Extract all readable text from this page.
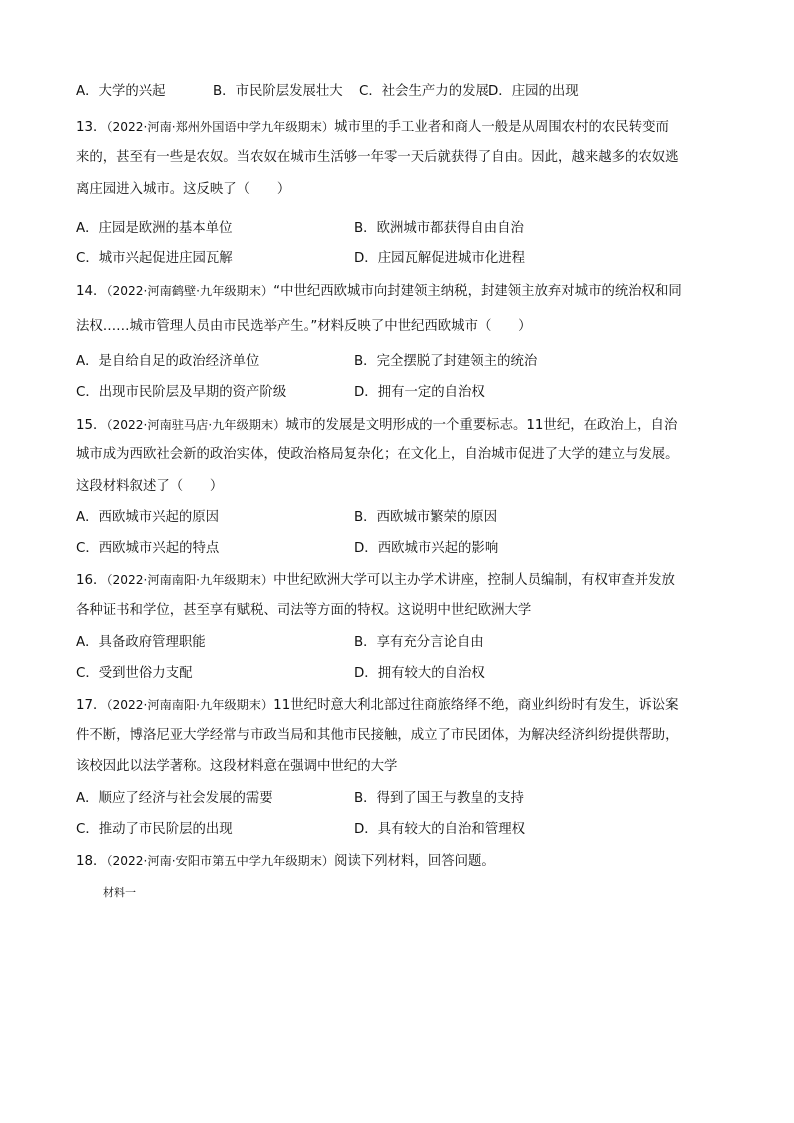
A．大学的兴起	B．市民阶层发展壮大 C．社会生产力的发展 D．庄园的出现
13．（2022·河南·郑州外国语中学九年级期末）城市里的手工业者和商人一般是从周围农村的农民转变而
来的，甚至有一些是农奴。当农奴在城市生活够一年零一天后就获得了自由。因此，越来越多的农奴逃
离庄园进入城市。这反映了（　　）
A．庄园是欧洲的基本单位	B．欧洲城市都获得自由自治
C．城市兴起促进庄园瓦解	D．庄园瓦解促进城市化进程
14．（2022·河南鹤壁·九年级期末）“中世纪西欧城市向封建领主纳税，封建领主放弃对城市的统治权和同
法权……城市管理人员由市民选举产生。”材料反映了中世纪西欧城市（　　）
A．是自给自足的政治经济单位	B．完全摆脱了封建领主的统治
C．出现市民阶层及早期的资产阶级	D．拥有一定的自治权
15．（2022·河南驻马店·九年级期末）城市的发展是文明形成的一个重要标志。11世纪，在政治上，自治
城市成为西欧社会新的政治实体，使政治格局复杂化；在文化上，自治城市促进了大学的建立与发展。
这段材料叙述了（　　）
A．西欧城市兴起的原因	B．西欧城市繁荣的原因
C．西欧城市兴起的特点	D．西欧城市兴起的影响
16．（2022·河南南阳·九年级期末）中世纪欧洲大学可以主办学术讲座，控制人员编制，有权审查并发放
各种证书和学位，甚至享有赋税、司法等方面的特权。这说明中世纪欧洲大学
A．具备政府管理职能	B．享有充分言论自由
C．受到世俗力支配	D．拥有较大的自治权
17．（2022·河南南阳·九年级期末）11世纪时意大利北部过往商旅络绎不绝，商业纠纷时有发生，诉讼案
件不断，博洛尼亚大学经常与市政当局和其他市民接触，成立了市民团体，为解决经济纠纷提供帮助，
该校因此以法学著称。这段材料意在强调中世纪的大学
A．顺应了经济与社会发展的需要	B．得到了国王与教皇的支持
C．推动了市民阶层的出现	D．具有较大的自治和管理权
18．（2022·河南·安阳市第五中学九年级期末）阅读下列材料，回答问题。
材料一
